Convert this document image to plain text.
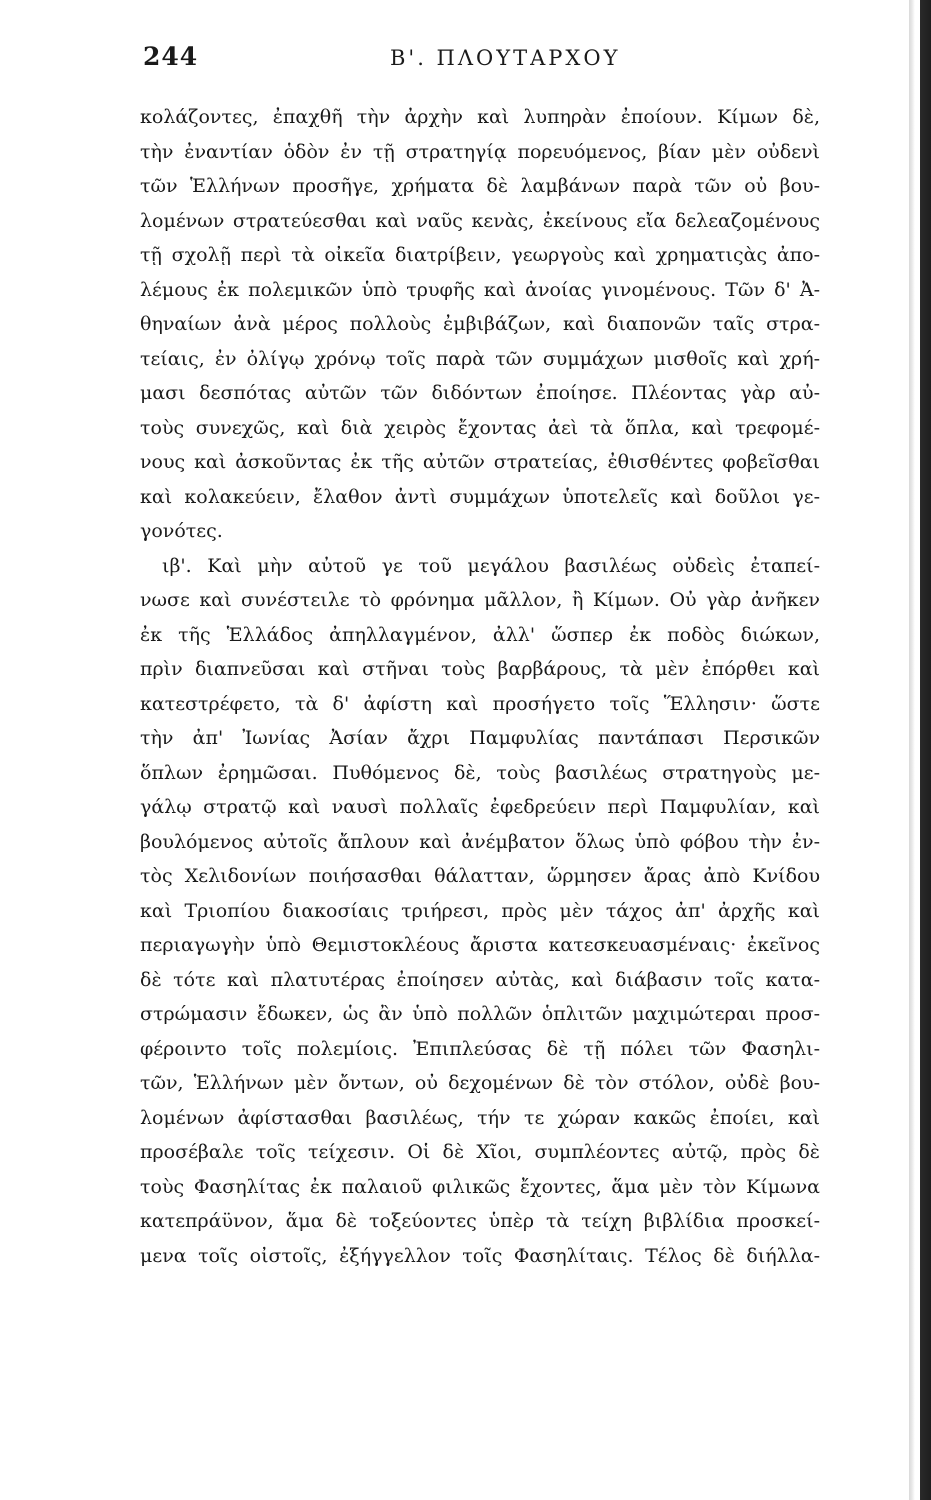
244	Β'. ΠΛΟΥΤΑΡΧΟΥ
κολάζοντες, ἐπαχθῆ τὴν ἀρχὴν καὶ λυπηρὰν ἐποίουν. Κίμων δὲ,
τὴν ἐναντίαν ὁδὸν ἐν τῇ στρατηγίᾳ πορευόμενος, βίαν μὲν οὐδενὶ
τῶν Ἑλλήνων προσῆγε, χρήματα δὲ λαμβάνων παρὰ τῶν οὐ βου-
λομένων στρατεύεσθαι καὶ ναῦς κενὰς, ἐκείνους εἴα δελεαζομένους
τῇ σχολῇ περὶ τὰ οἰκεῖα διατρίβειν, γεωργοὺς καὶ χρηματιςὰς ἀπο-
λέμους ἐκ πολεμικῶν ὑπὸ τρυφῆς καὶ ἀνοίας γινομένους. Τῶν δ' Ἀ-
θηναίων ἀνὰ μέρος πολλοὺς ἐμβιβάζων, καὶ διαπονῶν ταῖς στρα-
τείαις, ἐν ὀλίγῳ χρόνῳ τοῖς παρὰ τῶν συμμάχων μισθοῖς καὶ χρή-
μασι δεσπότας αὐτῶν τῶν διδόντων ἐποίησε. Πλέοντας γὰρ αὐ-
τοὺς συνεχῶς, καὶ διὰ χειρὸς ἔχοντας ἀεὶ τὰ ὅπλα, καὶ τρεφομέ-
νους καὶ ἀσκοῦντας ἐκ τῆς αὐτῶν στρατείας, ἐθισθέντες φοβεῖσθαι
καὶ κολακεύειν, ἔλαθον ἀντὶ συμμάχων ὑποτελεῖς καὶ δοῦλοι γε-
γονότες.
ιβ'. Καὶ μὴν αὐτοῦ γε τοῦ μεγάλου βασιλέως οὐδεὶς ἐταπεί-
νωσε καὶ συνέστειλε τὸ φρόνημα μᾶλλον, ἢ Κίμων. Οὐ γὰρ ἀνῆκεν
ἐκ τῆς Ἑλλάδος ἀπηλλαγμένον, ἀλλ' ὥσπερ ἐκ ποδὸς διώκων,
πρὶν διαπνεῦσαι καὶ στῆναι τοὺς βαρβάρους, τὰ μὲν ἐπόρθει καὶ
κατεστρέφετο, τὰ δ' ἀφίστη καὶ προσήγετο τοῖς Ἕλλησιν· ὥστε
τὴν ἀπ' Ἰωνίας Ἀσίαν ἄχρι Παμφυλίας παντάπασι Περσικῶν
ὅπλων ἐρημῶσαι. Πυθόμενος δὲ, τοὺς βασιλέως στρατηγοὺς με-
γάλῳ στρατῷ καὶ ναυσὶ πολλαῖς ἐφεδρεύειν περὶ Παμφυλίαν, καὶ
βουλόμενος αὐτοῖς ἄπλουν καὶ ἀνέμβατον ὅλως ὑπὸ φόβου τὴν ἐν-
τὸς Χελιδονίων ποιήσασθαι θάλατταν, ὥρμησεν ἄρας ἀπὸ Κνίδου
καὶ Τριοπίου διακοσίαις τριήρεσι, πρὸς μὲν τάχος ἀπ' ἀρχῆς καὶ
περιαγωγὴν ὑπὸ Θεμιστοκλέους ἄριστα κατεσκευασμέναις· ἐκεῖνος
δὲ τότε καὶ πλατυτέρας ἐποίησεν αὐτὰς, καὶ διάβασιν τοῖς κατα-
στρώμασιν ἔδωκεν, ὡς ἂν ὑπὸ πολλῶν ὁπλιτῶν μαχιμώτεραι προσ-
φέροιντο τοῖς πολεμίοις. Ἐπιπλεύσας δὲ τῇ πόλει τῶν Φασηλι-
τῶν, Ἑλλήνων μὲν ὄντων, οὐ δεχομένων δὲ τὸν στόλον, οὐδὲ βου-
λομένων ἀφίστασθαι βασιλέως, τήν τε χώραν κακῶς ἐποίει, καὶ
προσέβαλε τοῖς τείχεσιν. Οἱ δὲ Χῖοι, συμπλέοντες αὐτῷ, πρὸς δὲ
τοὺς Φασηλίτας ἐκ παλαιοῦ φιλικῶς ἔχοντες, ἅμα μὲν τὸν Κίμωνα
κατεπράϋνον, ἅμα δὲ τοξεύοντες ὑπὲρ τὰ τείχη βιβλίδια προσκεί-
μενα τοῖς οἰστοῖς, ἐξήγγελλον τοῖς Φασηλίταις. Τέλος δὲ διήλλα-
